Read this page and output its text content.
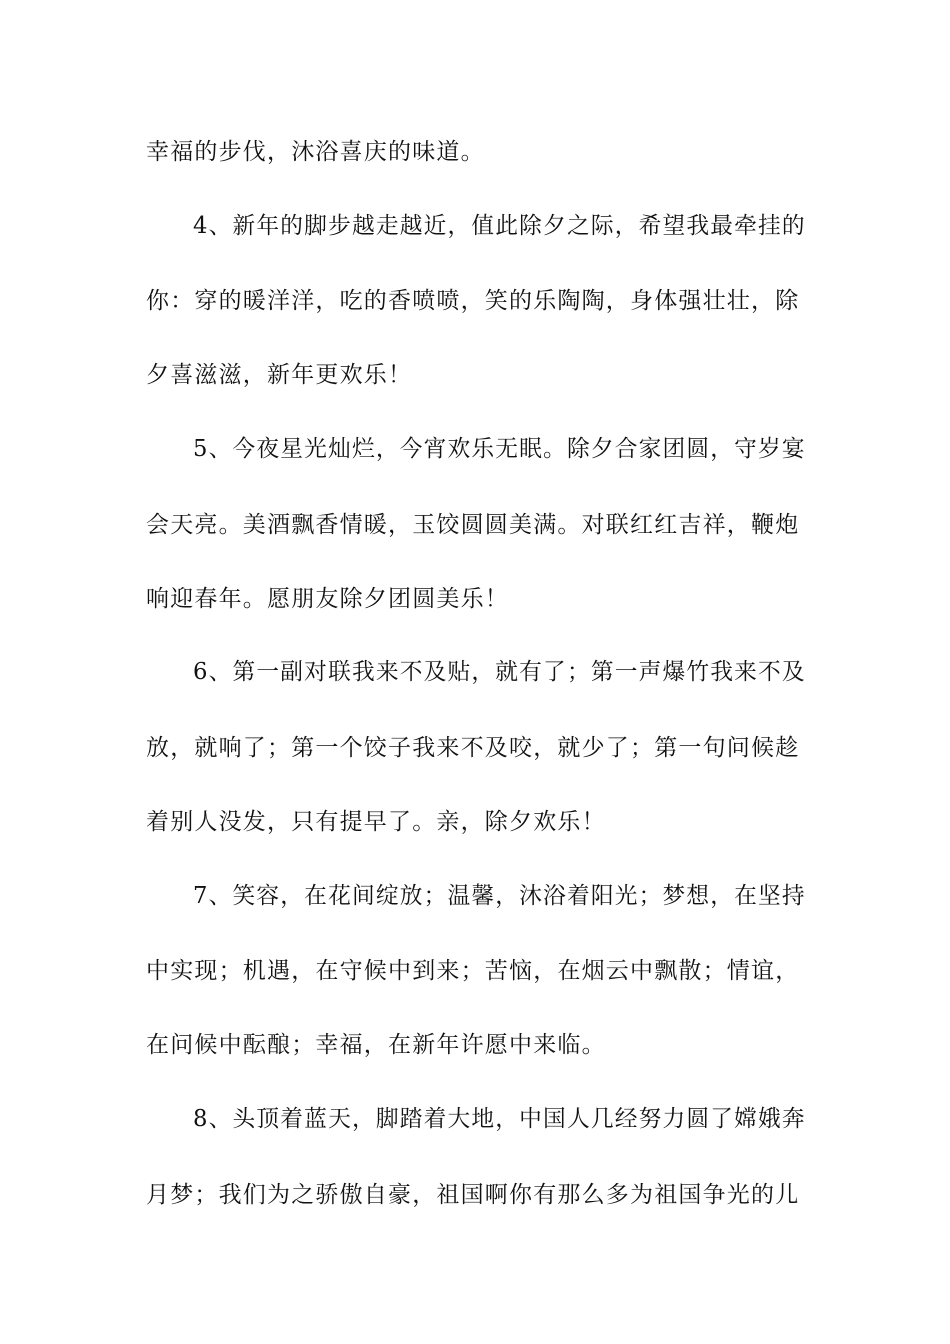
幸福的步伐，沐浴喜庆的味道。
4、新年的脚步越走越近，值此除夕之际，希望我最牵挂的
你：穿的暖洋洋，吃的香喷喷，笑的乐陶陶，身体强壮壮，除
夕喜滋滋，新年更欢乐！
5、今夜星光灿烂，今宵欢乐无眠。除夕合家团圆，守岁宴
会天亮。美酒飘香情暖，玉饺圆圆美满。对联红红吉祥，鞭炮
响迎春年。愿朋友除夕团圆美乐！
6、第一副对联我来不及贴，就有了；第一声爆竹我来不及
放，就响了；第一个饺子我来不及咬，就少了；第一句问候趁
着别人没发，只有提早了。亲，除夕欢乐！
7、笑容，在花间绽放；温馨，沐浴着阳光；梦想，在坚持
中实现；机遇，在守候中到来；苦恼，在烟云中飘散；情谊，
在问候中酝酿；幸福，在新年许愿中来临。
8、头顶着蓝天，脚踏着大地，中国人几经努力圆了嫦娥奔
月梦；我们为之骄傲自豪，祖国啊你有那么多为祖国争光的儿
